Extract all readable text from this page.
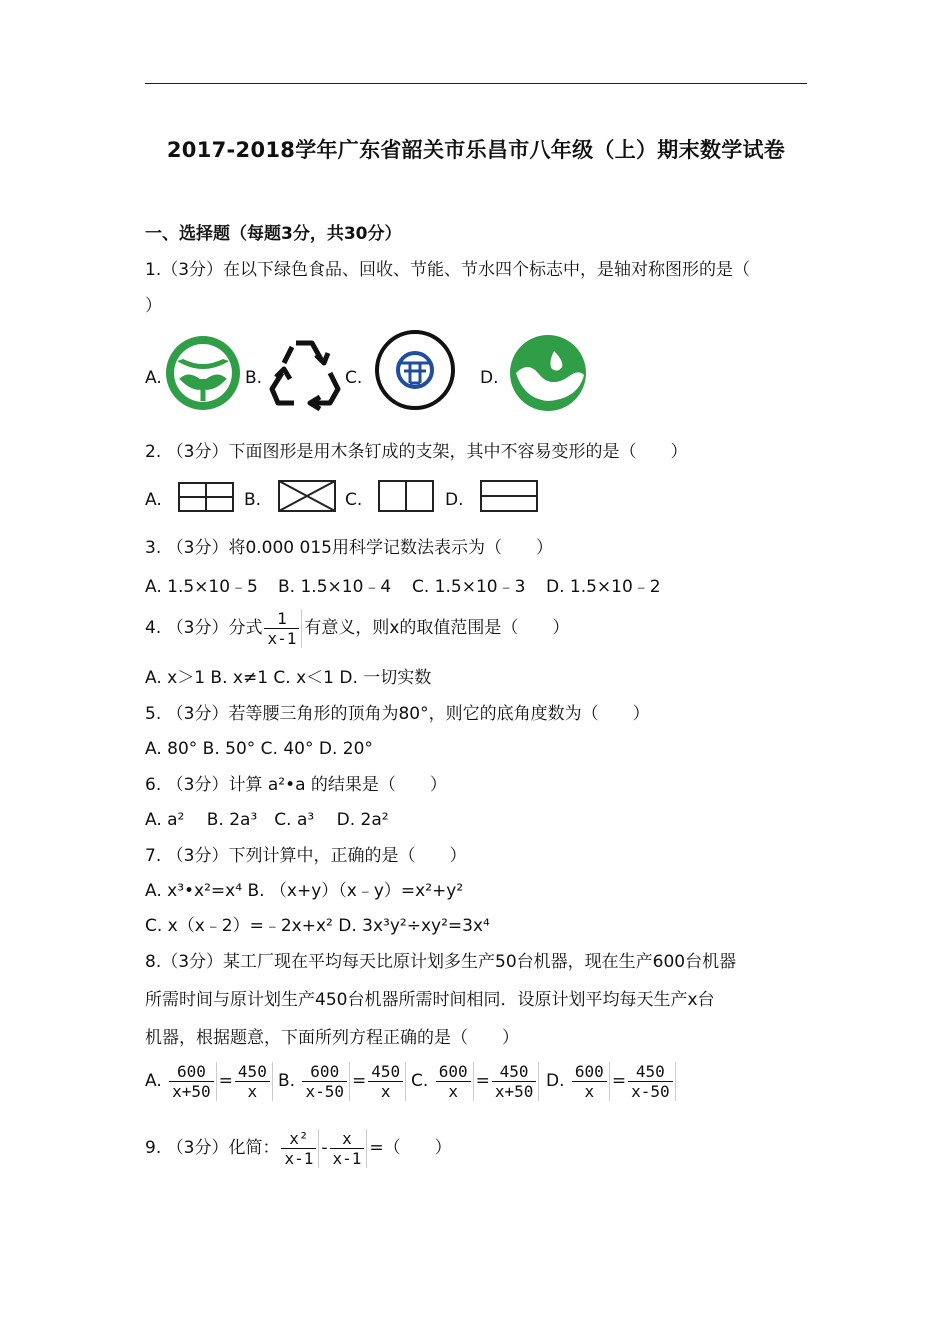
2017-2018学年广东省韶关市乐昌市八年级（上）期末数学试卷
一、选择题（每题3分，共30分）
1.（3分）在以下绿色食品、回收、节能、节水四个标志中，是轴对称图形的是（
）
A.	B.	C.	D.
2. （3分）下面图形是用木条钉成的支架，其中不容易变形的是（　　）
A.	B.	C.	D.
3. （3分）将0.000 015用科学记数法表示为（　　）
A. 1.5×10﹣5 B. 1.5×10﹣4 C. 1.5×10﹣3 D. 1.5×10﹣2
4. （3分）分式 $\frac{1}{x-1}$ 有意义，则x的取值范围是（　　）
A. x＞1 B. x≠1 C. x＜1 D. 一切实数
5. （3分）若等腰三角形的顶角为80°，则它的底角度数为（　　）
A. 80° B. 50° C. 40° D. 20°
6. （3分）计算 a²•a 的结果是（　　）
A. a²　 B. 2a³　C. a³　 D. 2a²
7. （3分）下列计算中，正确的是（　　）
A. x³•x²=x⁴ B. （x+y）（x﹣y）=x²+y²
C. x（x﹣2）=﹣2x+x² D. 3x³y²÷xy²=3x⁴
8.（3分）某工厂现在平均每天比原计划多生产50台机器，现在生产600台机器
所需时间与原计划生产450台机器所需时间相同．设原计划平均每天生产x台
机器，根据题意，下面所列方程正确的是（　　）
A. $\frac{600}{x+50} = \frac{450}{x} B$. $\frac{600}{x-50} = \frac{450}{x} C$. $\frac{600}{x} = \frac{450}{x+50} D$. $\frac{600}{x} = \frac{450}{x-50}$
9. （3分）化简： $\frac{\text{x²}}{x-1} - \frac{x}{x-1}$ =（　　）
